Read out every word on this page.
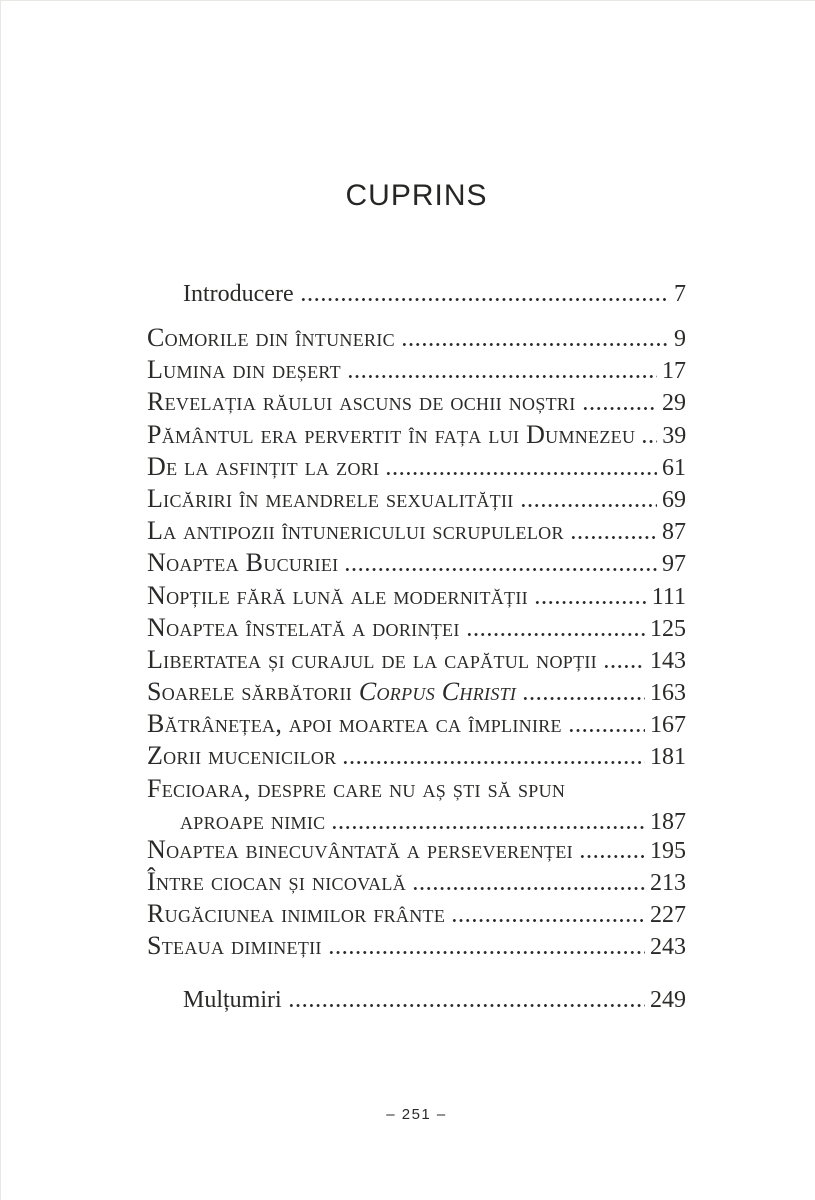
CUPRINS
Introducere	7
Comorile din întuneric	9
Lumina din deșert	17
Revelația răului ascuns de ochii noștri	29
Pământul era pervertit în fața lui Dumnezeu 39
De la asfințit la zori	61
Licăriri în meandrele sexualității	69
La antipozii întunericului scrupulelor	87
Noaptea Bucuriei	97
Nopțile fără lună ale modernității	111
Noaptea înstelată a dorinței	125
Libertatea și curajul de la capătul nopții 143
Soarele sărbătorii Corpus Christi	163
Bătrânețea, apoi moartea ca împlinire	167
Zorii mucenicilor	181
Fecioara, despre care nu aș ști să spun
aproape nimic	187
Noaptea binecuvântată a perseverenței	195
Între ciocan și nicovală	213
Rugăciunea inimilor frânte	227
Steaua dimineții	243
Mulțumiri	249
– 251 –
